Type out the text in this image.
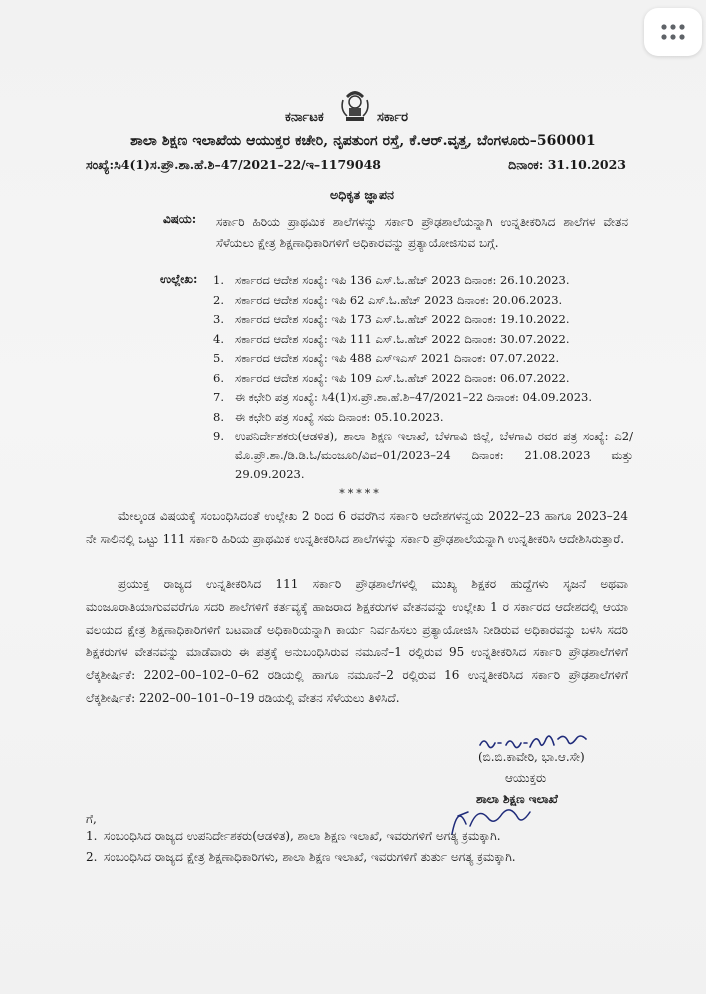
ಕರ್ನಾಟಕ	ಸರ್ಕಾರ
ಶಾಲಾ ಶಿಕ್ಷಣ ಇಲಾಖೆಯ ಆಯುಕ್ತರ ಕಚೇರಿ, ನೃಪತುಂಗ ರಸ್ತೆ, ಕೆ.ಆರ್.ವೃತ್ತ, ಬೆಂಗಳೂರು–560001
ಸಂಖ್ಯೆ:ಸಿ4(1)ಸ.ಪ್ರೌ.ಶಾ.ಹೆ.ಶಿ–47/2021–22/ಇ–1179048	ದಿನಾಂಕ: 31.10.2023
ಅಧಿಕೃತ ಜ್ಞಾಪನ
ವಿಷಯ: ಸರ್ಕಾರಿ ಹಿರಿಯ ಪ್ರಾಥಮಿಕ ಶಾಲೆಗಳನ್ನು ಸರ್ಕಾರಿ ಪ್ರೌಢಶಾಲೆಯನ್ನಾಗಿ ಉನ್ನತೀಕರಿಸಿದ ಶಾಲೆಗಳ ವೇತನ ಸೆಳೆಯಲು ಕ್ಷೇತ್ರ ಶಿಕ್ಷಣಾಧಿಕಾರಿಗಳಿಗೆ ಅಧಿಕಾರವನ್ನು ಪ್ರತ್ಯಾಯೋಜಿಸುವ ಬಗ್ಗೆ.
ಉಲ್ಲೇಖ: 1. ಸರ್ಕಾರದ ಆದೇಶ ಸಂಖ್ಯೆ: ಇಪಿ 136 ಎಸ್.ಓ.ಹೆಚ್ 2023 ದಿನಾಂಕ: 26.10.2023.
2. ಸರ್ಕಾರದ ಆದೇಶ ಸಂಖ್ಯೆ: ಇಪಿ 62 ಎಸ್.ಓ.ಹೆಚ್ 2023 ದಿನಾಂಕ: 20.06.2023.
3. ಸರ್ಕಾರದ ಆದೇಶ ಸಂಖ್ಯೆ: ಇಪಿ 173 ಎಸ್.ಓ.ಹೆಚ್ 2022 ದಿನಾಂಕ: 19.10.2022.
4. ಸರ್ಕಾರದ ಆದೇಶ ಸಂಖ್ಯೆ: ಇಪಿ 111 ಎಸ್.ಓ.ಹೆಚ್ 2022 ದಿನಾಂಕ: 30.07.2022.
5. ಸರ್ಕಾರದ ಆದೇಶ ಸಂಖ್ಯೆ: ಇಪಿ 488 ಎಸ್ಇಎಸ್ 2021 ದಿನಾಂಕ: 07.07.2022.
6. ಸರ್ಕಾರದ ಆದೇಶ ಸಂಖ್ಯೆ: ಇಪಿ 109 ಎಸ್.ಓ.ಹೆಚ್ 2022 ದಿನಾಂಕ: 06.07.2022.
7. ಈ ಕಛೇರಿ ಪತ್ರ ಸಂಖ್ಯೆ: ಸಿ4(1)ಸ.ಪ್ರೌ.ಶಾ.ಹೆ.ಶಿ–47/2021–22 ದಿನಾಂಕ: 04.09.2023.
8. ಈ ಕಛೇರಿ ಪತ್ರ ಸಂಖ್ಯೆ ಸಮ ದಿನಾಂಕ: 05.10.2023.
9. ಉಪನಿರ್ದೇಶಕರು(ಆಡಳಿತ), ಶಾಲಾ ಶಿಕ್ಷಣ ಇಲಾಖೆ, ಬೆಳಗಾವಿ ಜಿಲ್ಲೆ, ಬೆಳಗಾವಿ ರವರ ಪತ್ರ ಸಂಖ್ಯೆ: ಎ2/ಮೊ.ಪ್ರೌ.ಶಾ./ಡಿ.ಡಿ.ಓ/ಮಂಜೂರಿ/ವಿವ–01/2023–24 ದಿನಾಂಕ: 21.08.2023 ಮತ್ತು 29.09.2023.
*****
ಮೇಲ್ಕಂಡ ವಿಷಯಕ್ಕೆ ಸಂಬಂಧಿಸಿದಂತೆ ಉಲ್ಲೇಖ 2 ರಿಂದ 6 ರವರೆಗಿನ ಸರ್ಕಾರಿ ಆದೇಶಗಳನ್ವಯ 2022–23 ಹಾಗೂ 2023–24 ನೇ ಸಾಲಿನಲ್ಲಿ ಒಟ್ಟು 111 ಸರ್ಕಾರಿ ಹಿರಿಯ ಪ್ರಾಥಮಿಕ ಉನ್ನತೀಕರಿಸಿದ ಶಾಲೆಗಳನ್ನು ಸರ್ಕಾರಿ ಪ್ರೌಢಶಾಲೆಯನ್ನಾಗಿ ಉನ್ನತೀಕರಿಸಿ ಆದೇಶಿಸಿರುತ್ತಾರೆ.
ಪ್ರಯುಕ್ತ ರಾಜ್ಯದ ಉನ್ನತೀಕರಿಸಿದ 111 ಸರ್ಕಾರಿ ಪ್ರೌಢಶಾಲೆಗಳಲ್ಲಿ ಮುಖ್ಯ ಶಿಕ್ಷಕರ ಹುದ್ದೆಗಳು ಸೃಜನೆ ಅಥವಾ ಮಂಜೂರಾತಿಯಾಗುವವರೆಗೂ ಸದರಿ ಶಾಲೆಗಳಿಗೆ ಕರ್ತವ್ಯಕ್ಕೆ ಹಾಜರಾದ ಶಿಕ್ಷಕರುಗಳ ವೇತನವನ್ನು ಉಲ್ಲೇಖ 1 ರ ಸರ್ಕಾರದ ಆದೇಶದಲ್ಲಿ ಆಯಾ ವಲಯದ ಕ್ಷೇತ್ರ ಶಿಕ್ಷಣಾಧಿಕಾರಿಗಳಿಗೆ ಬಟವಾಡೆ ಅಧಿಕಾರಿಯನ್ನಾಗಿ ಕಾರ್ಯ ನಿರ್ವಹಿಸಲು ಪ್ರತ್ಯಾಯೋಜಿಸಿ ನೀಡಿರುವ ಅಧಿಕಾರವನ್ನು ಬಳಸಿ ಸದರಿ ಶಿಕ್ಷಕರುಗಳ ವೇತನವನ್ನು ಮಾಡೆವಾರು ಈ ಪತ್ರಕ್ಕೆ ಅನುಬಂಧಿಸಿರುವ ನಮೂನೆ–1 ರಲ್ಲಿರುವ 95 ಉನ್ನತೀಕರಿಸಿದ ಸರ್ಕಾರಿ ಪ್ರೌಢಶಾಲೆಗಳಿಗೆ ಲೆಕ್ಕಶೀರ್ಷಿಕೆ: 2202–00–102–0–62 ರಡಿಯಲ್ಲಿ ಹಾಗೂ ನಮೂನೆ–2 ರಲ್ಲಿರುವ 16 ಉನ್ನತೀಕರಿಸಿದ ಸರ್ಕಾರಿ ಪ್ರೌಢಶಾಲೆಗಳಿಗೆ ಲೆಕ್ಕಶೀರ್ಷಿಕೆ: 2202–00–101–0–19 ರಡಿಯಲ್ಲಿ ವೇತನ ಸೆಳೆಯಲು ತಿಳಿಸಿದೆ.
(ಬಿ.ಬಿ.ಕಾವೇರಿ, ಭಾ.ಆ.ಸೇ)
ಆಯುಕ್ತರು
ಶಾಲಾ ಶಿಕ್ಷಣ ಇಲಾಖೆ
ಗೆ,
1. ಸಂಬಂಧಿಸಿದ ರಾಜ್ಯದ ಉಪನಿರ್ದೇಶಕರು(ಆಡಳಿತ), ಶಾಲಾ ಶಿಕ್ಷಣ ಇಲಾಖೆ, ಇವರುಗಳಿಗೆ ಅಗತ್ಯ ಕ್ರಮಕ್ಕಾಗಿ.
2. ಸಂಬಂಧಿಸಿದ ರಾಜ್ಯದ ಕ್ಷೇತ್ರ ಶಿಕ್ಷಣಾಧಿಕಾರಿಗಳು, ಶಾಲಾ ಶಿಕ್ಷಣ ಇಲಾಖೆ, ಇವರುಗಳಿಗೆ ತುರ್ತು ಅಗತ್ಯ ಕ್ರಮಕ್ಕಾಗಿ.
